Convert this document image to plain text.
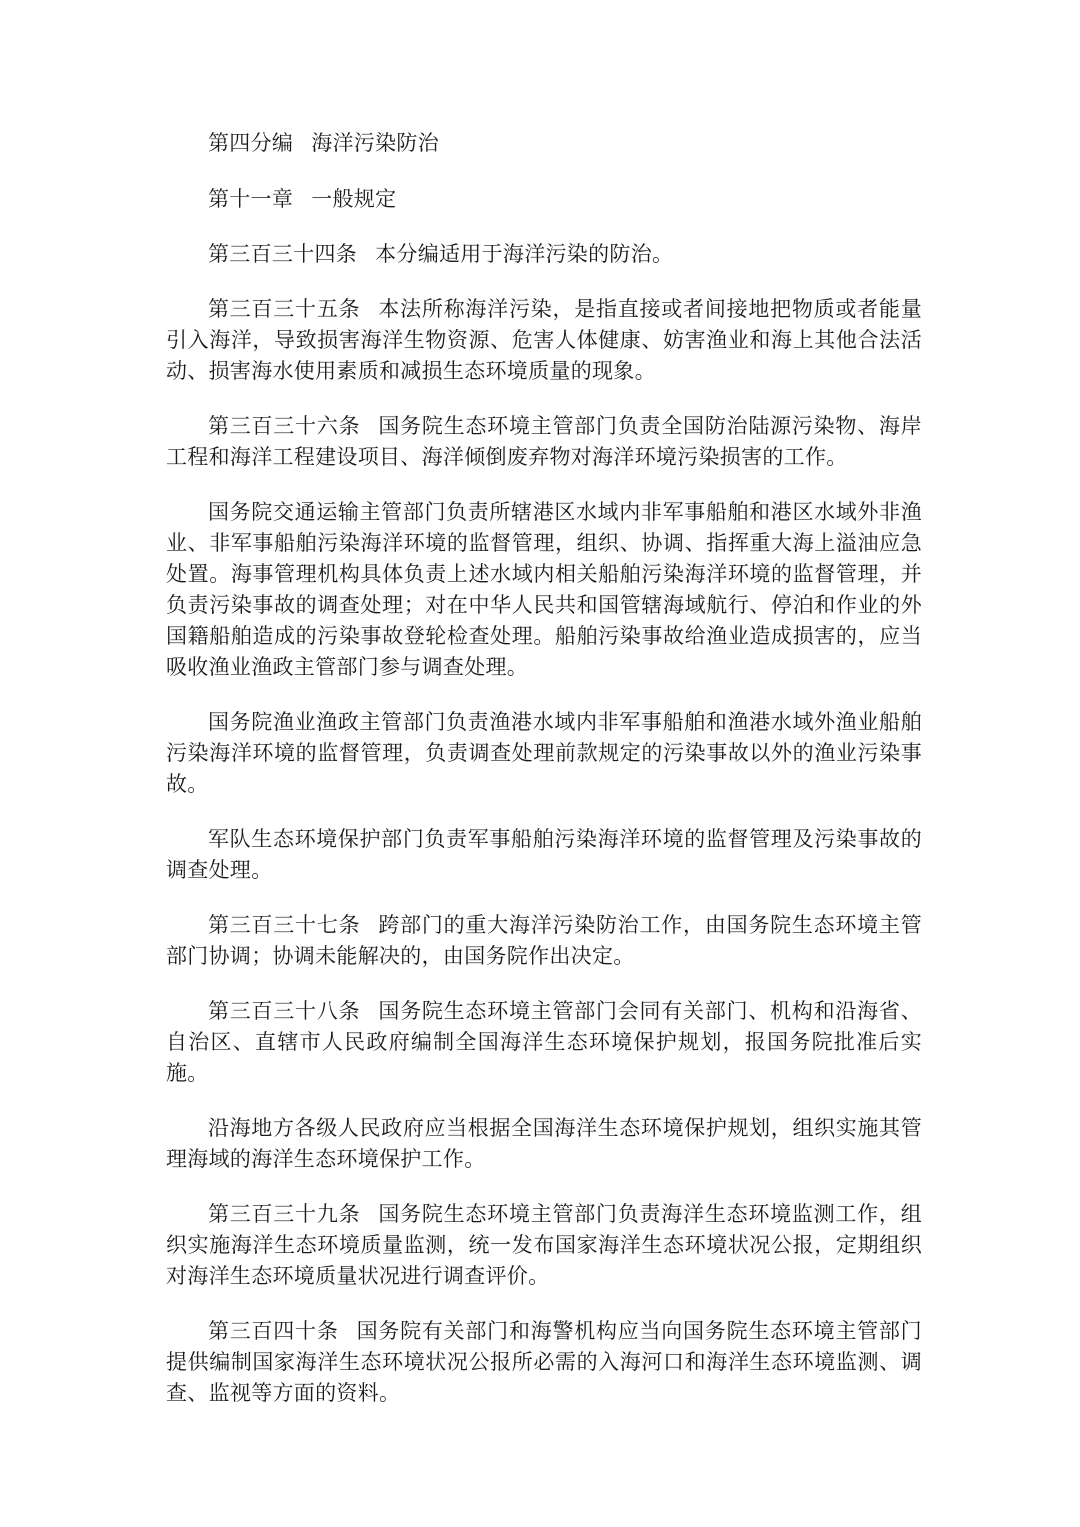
第四分编 海洋污染防治

第十一章 一般规定

第三百三十四条 本分编适用于海洋污染的防治。

第三百三十五条 本法所称海洋污染，是指直接或者间接地把物质或者能量引入海洋，导致损害海洋生物资源、危害人体健康、妨害渔业和海上其他合法活动、损害海水使用素质和减损生态环境质量的现象。

第三百三十六条 国务院生态环境主管部门负责全国防治陆源污染物、海岸工程和海洋工程建设项目、海洋倾倒废弃物对海洋环境污染损害的工作。

国务院交通运输主管部门负责所辖港区水域内非军事船舶和港区水域外非渔业、非军事船舶污染海洋环境的监督管理，组织、协调、指挥重大海上溢油应急处置。海事管理机构具体负责上述水域内相关船舶污染海洋环境的监督管理，并负责污染事故的调查处理；对在中华人民共和国管辖海域航行、停泊和作业的外国籍船舶造成的污染事故登轮检查处理。船舶污染事故给渔业造成损害的，应当吸收渔业渔政主管部门参与调查处理。

国务院渔业渔政主管部门负责渔港水域内非军事船舶和渔港水域外渔业船舶污染海洋环境的监督管理，负责调查处理前款规定的污染事故以外的渔业污染事故。

军队生态环境保护部门负责军事船舶污染海洋环境的监督管理及污染事故的调查处理。

第三百三十七条 跨部门的重大海洋污染防治工作，由国务院生态环境主管部门协调；协调未能解决的，由国务院作出决定。

第三百三十八条 国务院生态环境主管部门会同有关部门、机构和沿海省、自治区、直辖市人民政府编制全国海洋生态环境保护规划，报国务院批准后实施。

沿海地方各级人民政府应当根据全国海洋生态环境保护规划，组织实施其管理海域的海洋生态环境保护工作。

第三百三十九条 国务院生态环境主管部门负责海洋生态环境监测工作，组织实施海洋生态环境质量监测，统一发布国家海洋生态环境状况公报，定期组织对海洋生态环境质量状况进行调查评价。

第三百四十条 国务院有关部门和海警机构应当向国务院生态环境主管部门提供编制国家海洋生态环境状况公报所必需的入海河口和海洋生态环境监测、调查、监视等方面的资料。
